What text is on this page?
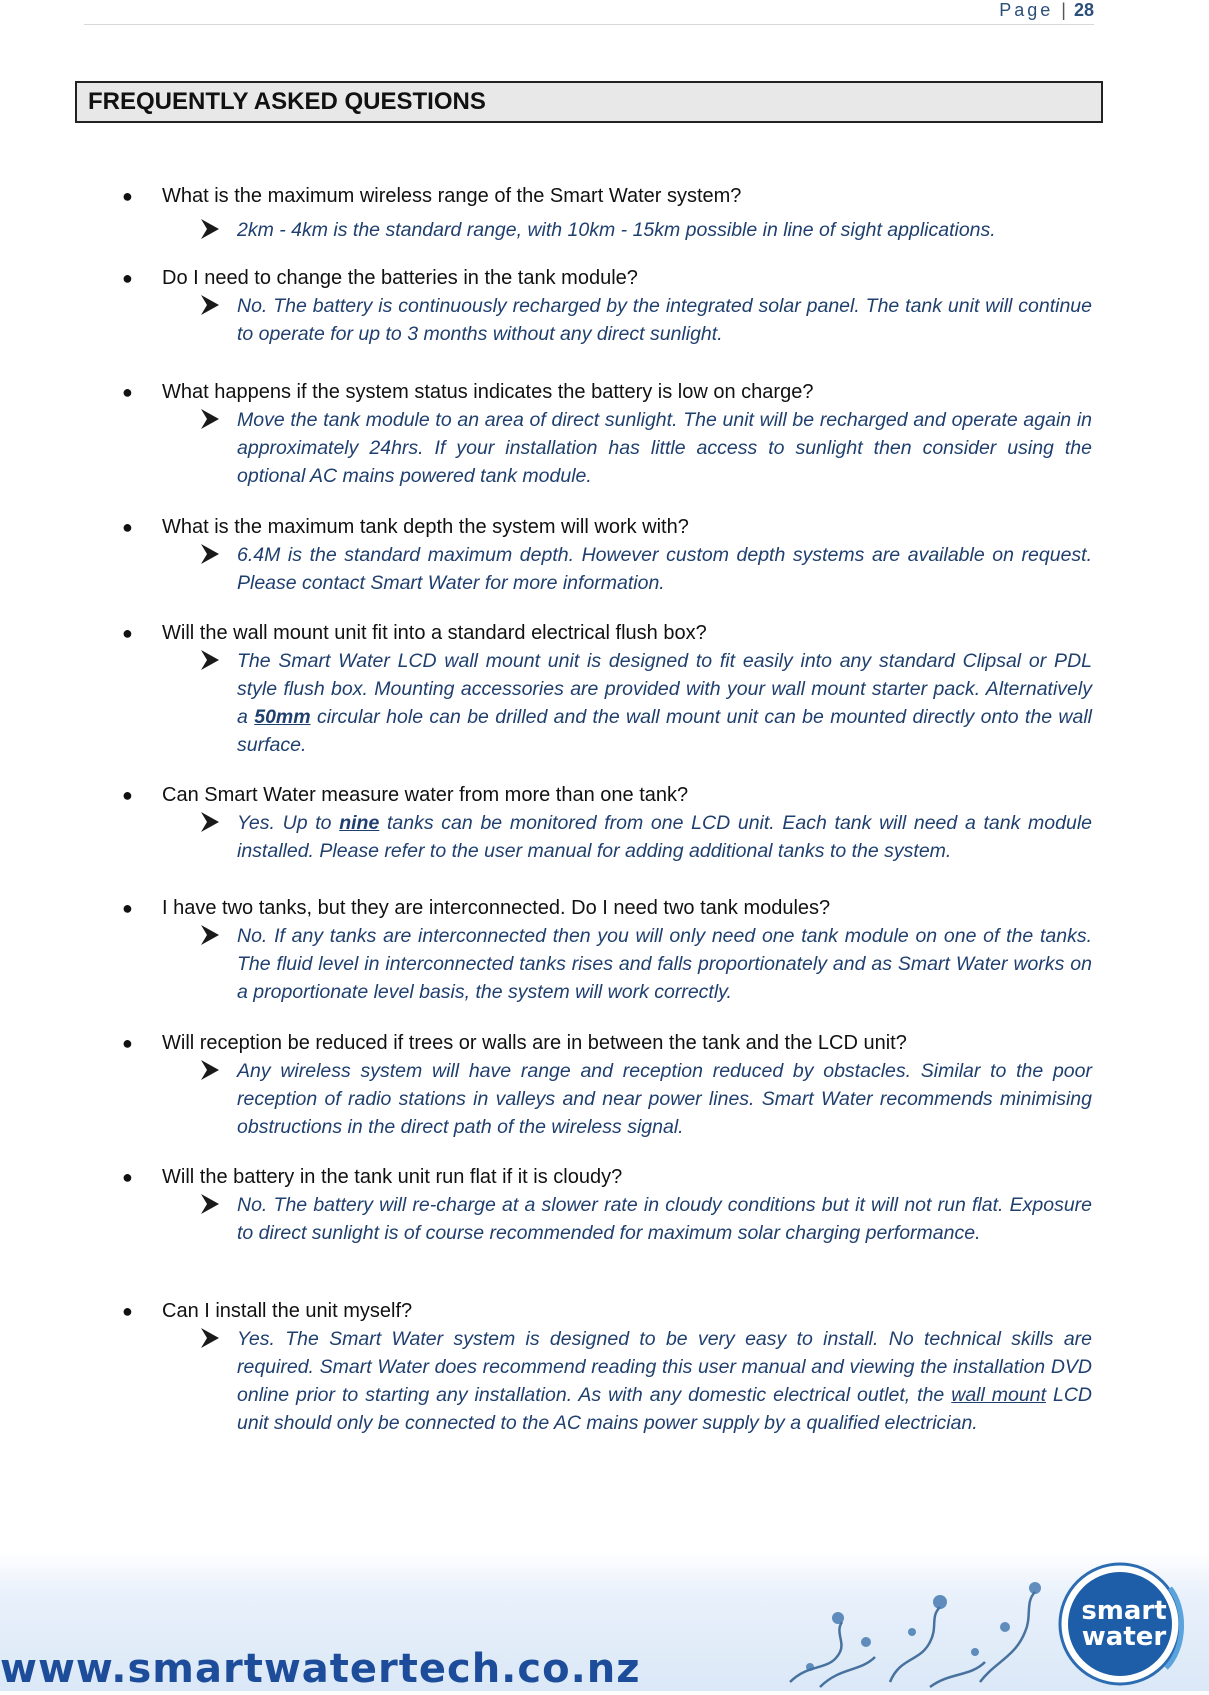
Page | 28
FREQUENTLY ASKED QUESTIONS
● What is the maximum wireless range of the Smart Water system?
2km - 4km is the standard range, with 10km - 15km possible in line of sight applications.
● Do I need to change the batteries in the tank module?
No. The battery is continuously recharged by the integrated solar panel. The tank unit will continue to operate for up to 3 months without any direct sunlight.
● What happens if the system status indicates the battery is low on charge?
Move the tank module to an area of direct sunlight. The unit will be recharged and operate again in approximately 24hrs. If your installation has little access to sunlight then consider using the optional AC mains powered tank module.
● What is the maximum tank depth the system will work with?
6.4M is the standard maximum depth. However custom depth systems are available on request. Please contact Smart Water for more information.
● Will the wall mount unit fit into a standard electrical flush box?
The Smart Water LCD wall mount unit is designed to fit easily into any standard Clipsal or PDL style flush box. Mounting accessories are provided with your wall mount starter pack. Alternatively a 50mm circular hole can be drilled and the wall mount unit can be mounted directly onto the wall surface.
● Can Smart Water measure water from more than one tank?
Yes. Up to nine tanks can be monitored from one LCD unit. Each tank will need a tank module installed. Please refer to the user manual for adding additional tanks to the system.
● I have two tanks, but they are interconnected. Do I need two tank modules?
No. If any tanks are interconnected then you will only need one tank module on one of the tanks. The fluid level in interconnected tanks rises and falls proportionately and as Smart Water works on a proportionate level basis, the system will work correctly.
● Will reception be reduced if trees or walls are in between the tank and the LCD unit?
Any wireless system will have range and reception reduced by obstacles. Similar to the poor reception of radio stations in valleys and near power lines. Smart Water recommends minimising obstructions in the direct path of the wireless signal.
● Will the battery in the tank unit run flat if it is cloudy?
No. The battery will re-charge at a slower rate in cloudy conditions but it will not run flat. Exposure to direct sunlight is of course recommended for maximum solar charging performance.
● Can I install the unit myself?
Yes. The Smart Water system is designed to be very easy to install. No technical skills are required. Smart Water does recommend reading this user manual and viewing the installation DVD online prior to starting any installation. As with any domestic electrical outlet, the wall mount LCD unit should only be connected to the AC mains power supply by a qualified electrician.
www.smartwatertech.co.nz
smart
water
